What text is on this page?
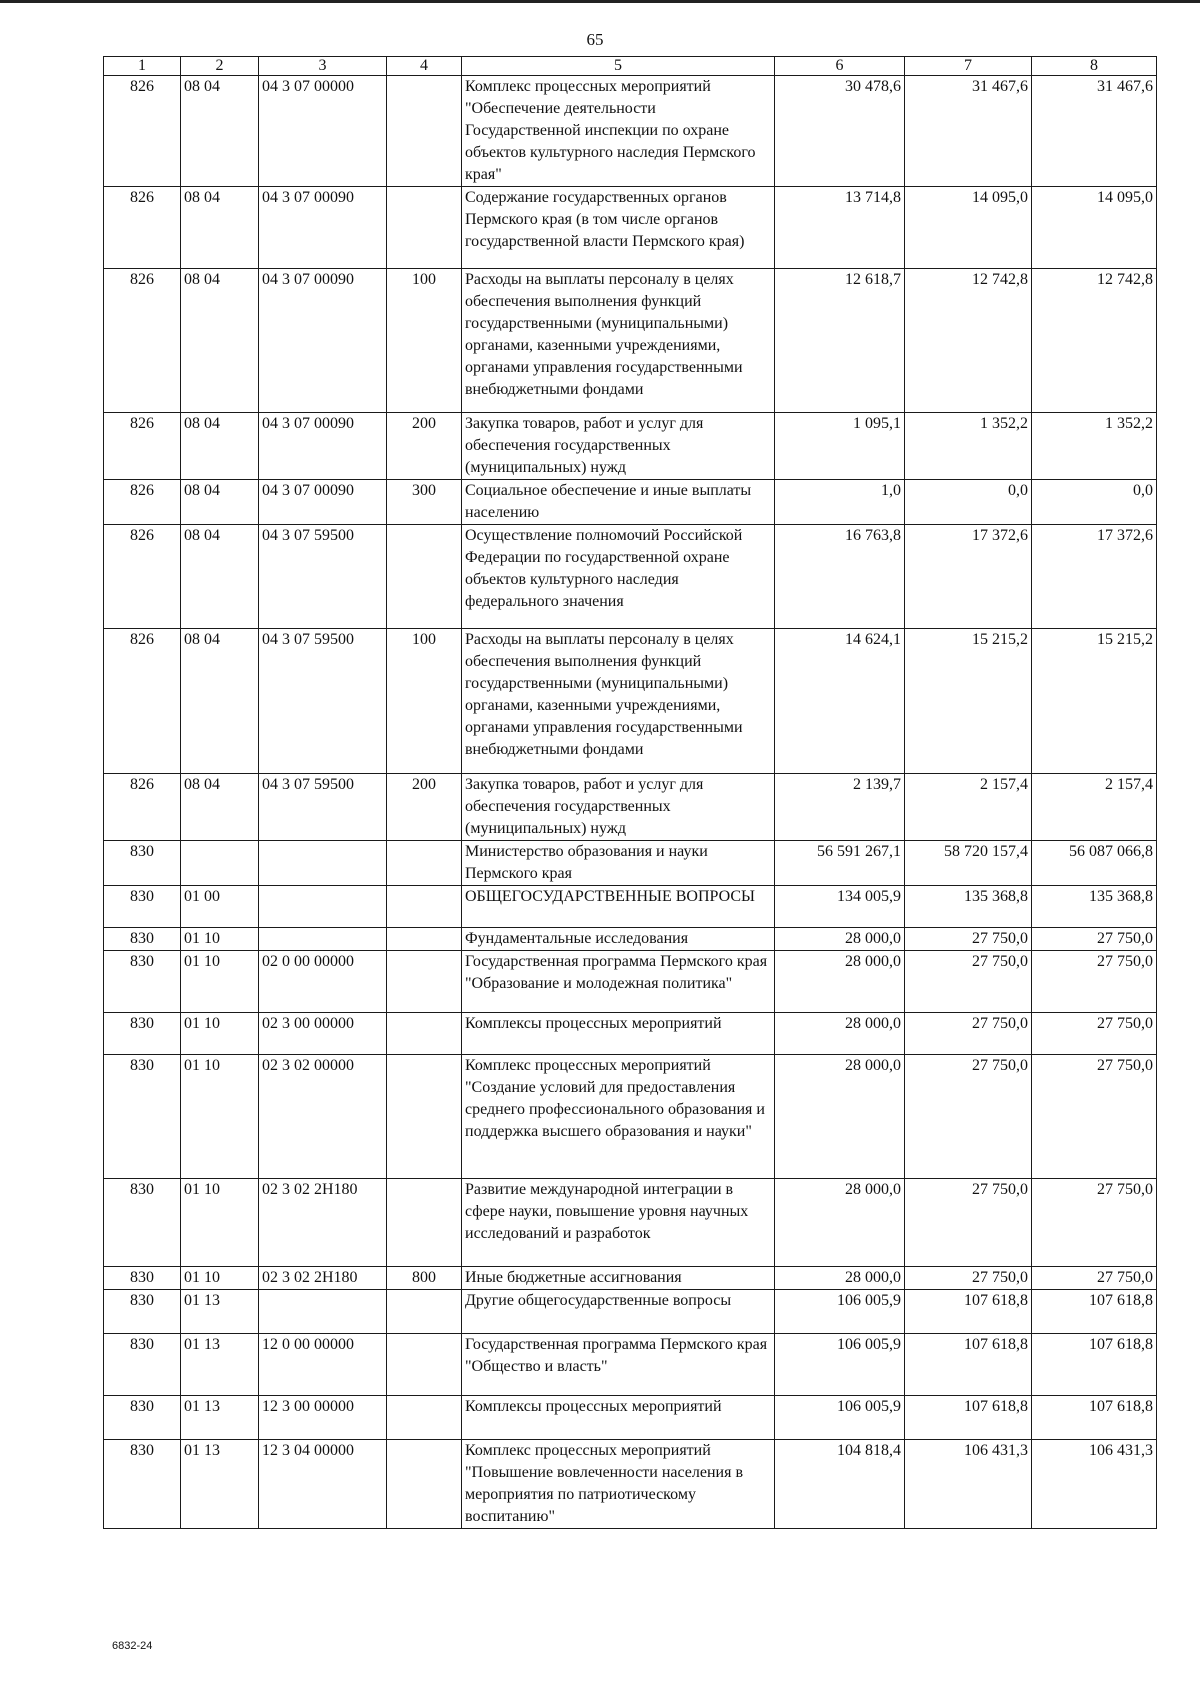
65
1	2	3	4	5	6	7	8
826	08 04	04 3 07 00000		Комплекс процессных мероприятий "Обеспечение деятельности Государственной инспекции по охране объектов культурного наследия Пермского края"	30 478,6	31 467,6	31 467,6
826	08 04	04 3 07 00090		Содержание государственных органов Пермского края (в том числе органов государственной власти Пермского края)	13 714,8	14 095,0	14 095,0
826	08 04	04 3 07 00090	100	Расходы на выплаты персоналу в целях обеспечения выполнения функций государственными (муниципальными) органами, казенными учреждениями, органами управления государственными внебюджетными фондами	12 618,7	12 742,8	12 742,8
826	08 04	04 3 07 00090	200	Закупка товаров, работ и услуг для обеспечения государственных (муниципальных) нужд	1 095,1	1 352,2	1 352,2
826	08 04	04 3 07 00090	300	Социальное обеспечение и иные выплаты населению	1,0	0,0	0,0
826	08 04	04 3 07 59500		Осуществление полномочий Российской Федерации по государственной охране объектов культурного наследия федерального значения	16 763,8	17 372,6	17 372,6
826	08 04	04 3 07 59500	100	Расходы на выплаты персоналу в целях обеспечения выполнения функций государственными (муниципальными) органами, казенными учреждениями, органами управления государственными внебюджетными фондами	14 624,1	15 215,2	15 215,2
826	08 04	04 3 07 59500	200	Закупка товаров, работ и услуг для обеспечения государственных (муниципальных) нужд	2 139,7	2 157,4	2 157,4
830				Министерство образования и науки Пермского края	56 591 267,1	58 720 157,4	56 087 066,8
830	01 00			ОБЩЕГОСУДАРСТВЕННЫЕ ВОПРОСЫ	134 005,9	135 368,8	135 368,8
830	01 10			Фундаментальные исследования	28 000,0	27 750,0	27 750,0
830	01 10	02 0 00 00000		Государственная программа Пермского края "Образование и молодежная политика"	28 000,0	27 750,0	27 750,0
830	01 10	02 3 00 00000		Комплексы процессных мероприятий	28 000,0	27 750,0	27 750,0
830	01 10	02 3 02 00000		Комплекс процессных мероприятий "Создание условий для предоставления среднего профессионального образования и поддержка высшего образования и науки"	28 000,0	27 750,0	27 750,0
830	01 10	02 3 02 2Н180		Развитие международной интеграции в сфере науки, повышение уровня научных исследований и разработок	28 000,0	27 750,0	27 750,0
830	01 10	02 3 02 2Н180	800	Иные бюджетные ассигнования	28 000,0	27 750,0	27 750,0
830	01 13			Другие общегосударственные вопросы	106 005,9	107 618,8	107 618,8
830	01 13	12 0 00 00000		Государственная программа Пермского края "Общество и власть"	106 005,9	107 618,8	107 618,8
830	01 13	12 3 00 00000		Комплексы процессных мероприятий	106 005,9	107 618,8	107 618,8
830	01 13	12 3 04 00000		Комплекс процессных мероприятий "Повышение вовлеченности населения в мероприятия по патриотическому воспитанию"	104 818,4	106 431,3	106 431,3
6832-24
